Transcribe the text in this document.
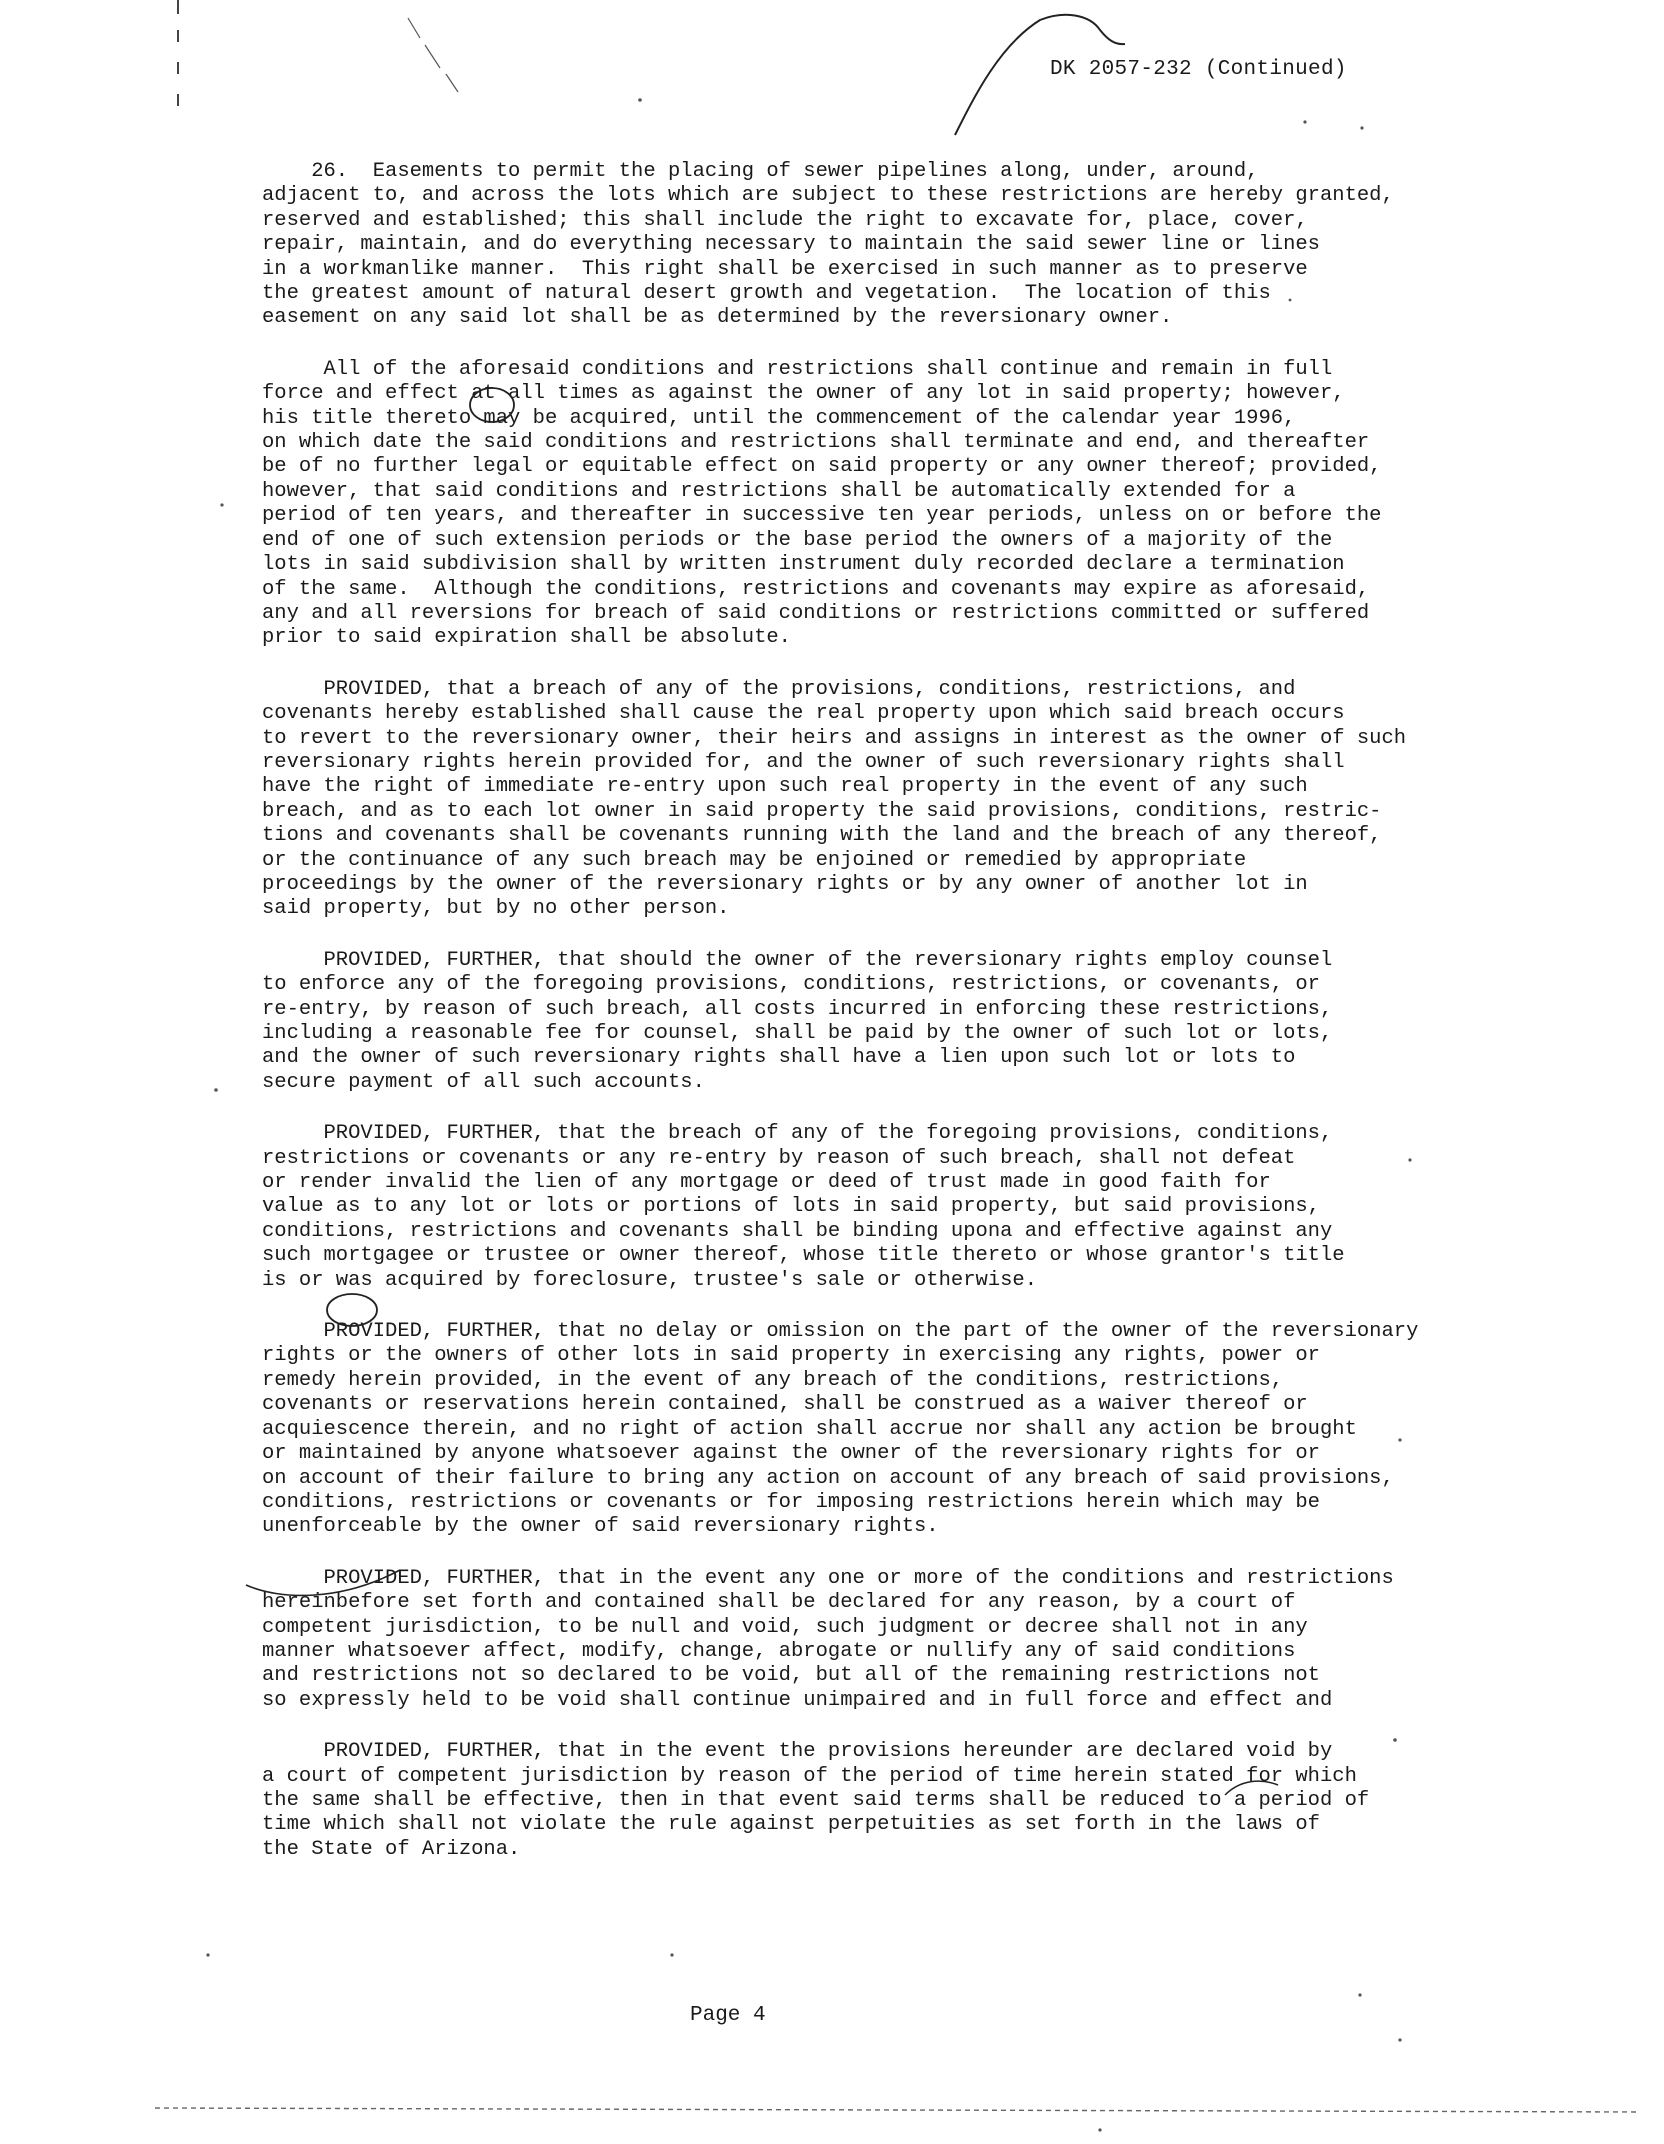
DK 2057-232 (Continued)
26.  Easements to permit the placing of sewer pipelines along, under, around,
adjacent to, and across the lots which are subject to these restrictions are hereby granted,
reserved and established; this shall include the right to excavate for, place, cover,
repair, maintain, and do everything necessary to maintain the said sewer line or lines
in a workmanlike manner.  This right shall be exercised in such manner as to preserve
the greatest amount of natural desert growth and vegetation.  The location of this
easement on any said lot shall be as determined by the reversionary owner.
All of the aforesaid conditions and restrictions shall continue and remain in full
force and effect at all times as against the owner of any lot in said property; however,
his title thereto may be acquired, until the commencement of the calendar year 1996,
on which date the said conditions and restrictions shall terminate and end, and thereafter
be of no further legal or equitable effect on said property or any owner thereof; provided,
however, that said conditions and restrictions shall be automatically extended for a
period of ten years, and thereafter in successive ten year periods, unless on or before the
end of one of such extension periods or the base period the owners of a majority of the
lots in said subdivision shall by written instrument duly recorded declare a termination
of the same.  Although the conditions, restrictions and covenants may expire as aforesaid,
any and all reversions for breach of said conditions or restrictions committed or suffered
prior to said expiration shall be absolute.
PROVIDED, that a breach of any of the provisions, conditions, restrictions, and
covenants hereby established shall cause the real property upon which said breach occurs
to revert to the reversionary owner, their heirs and assigns in interest as the owner of such
reversionary rights herein provided for, and the owner of such reversionary rights shall
have the right of immediate re-entry upon such real property in the event of any such
breach, and as to each lot owner in said property the said provisions, conditions, restric-
tions and covenants shall be covenants running with the land and the breach of any thereof,
or the continuance of any such breach may be enjoined or remedied by appropriate
proceedings by the owner of the reversionary rights or by any owner of another lot in
said property, but by no other person.
PROVIDED, FURTHER, that should the owner of the reversionary rights employ counsel
to enforce any of the foregoing provisions, conditions, restrictions, or covenants, or
re-entry, by reason of such breach, all costs incurred in enforcing these restrictions,
including a reasonable fee for counsel, shall be paid by the owner of such lot or lots,
and the owner of such reversionary rights shall have a lien upon such lot or lots to
secure payment of all such accounts.
PROVIDED, FURTHER, that the breach of any of the foregoing provisions, conditions,
restrictions or covenants or any re-entry by reason of such breach, shall not defeat
or render invalid the lien of any mortgage or deed of trust made in good faith for
value as to any lot or lots or portions of lots in said property, but said provisions,
conditions, restrictions and covenants shall be binding upona and effective against any
such mortgagee or trustee or owner thereof, whose title thereto or whose grantor's title
is or was acquired by foreclosure, trustee's sale or otherwise.
PROVIDED, FURTHER, that no delay or omission on the part of the owner of the reversionary
rights or the owners of other lots in said property in exercising any rights, power or
remedy herein provided, in the event of any breach of the conditions, restrictions,
covenants or reservations herein contained, shall be construed as a waiver thereof or
acquiescence therein, and no right of action shall accrue nor shall any action be brought
or maintained by anyone whatsoever against the owner of the reversionary rights for or
on account of their failure to bring any action on account of any breach of said provisions,
conditions, restrictions or covenants or for imposing restrictions herein which may be
unenforceable by the owner of said reversionary rights.
PROVIDED, FURTHER, that in the event any one or more of the conditions and restrictions
hereinbefore set forth and contained shall be declared for any reason, by a court of
competent jurisdiction, to be null and void, such judgment or decree shall not in any
manner whatsoever affect, modify, change, abrogate or nullify any of said conditions
and restrictions not so declared to be void, but all of the remaining restrictions not
so expressly held to be void shall continue unimpaired and in full force and effect and
PROVIDED, FURTHER, that in the event the provisions hereunder are declared void by
a court of competent jurisdiction by reason of the period of time herein stated for which
the same shall be effective, then in that event said terms shall be reduced to a period of
time which shall not violate the rule against perpetuities as set forth in the laws of
the State of Arizona.
Page 4
